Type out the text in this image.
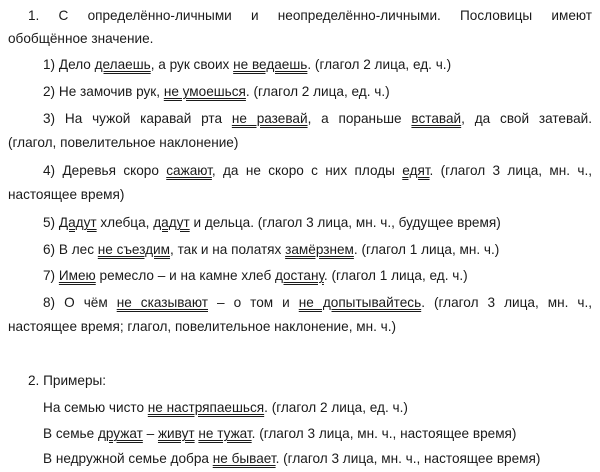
1. С определённо-личными и неопределённо-личными. Пословицы имеют
обобщённое значение.
1) Дело делаешь, а рук своих не ведаешь. (глагол 2 лица, ед. ч.)
2) Не замочив рук, не умоешься. (глагол 2 лица, ед. ч.)
3) На чужой каравай рта не разевай, а пораньше вставай, да свой затевай.
(глагол, повелительное наклонение)
4) Деревья скоро сажают, да не скоро с них плоды едят. (глагол 3 лица, мн. ч.,
настоящее время)
5) Дадут хлебца, дадут и дельца. (глагол 3 лица, мн. ч., будущее время)
6) В лес не съездим, так и на полатях замёрзнем. (глагол 1 лица, мн. ч.)
7) Имею ремесло – и на камне хлеб достану. (глагол 1 лица, ед. ч.)
8) О чём не сказывают – о том и не допытывайтесь. (глагол 3 лица, мн. ч.,
настоящее время; глагол, повелительное наклонение, мн. ч.)
2. Примеры:
На семью чисто не настряпаешься. (глагол 2 лица, ед. ч.)
В семье дружат – живут не тужат. (глагол 3 лица, мн. ч., настоящее время)
В недружной семье добра не бывает. (глагол 3 лица, мн. ч., настоящее время)
